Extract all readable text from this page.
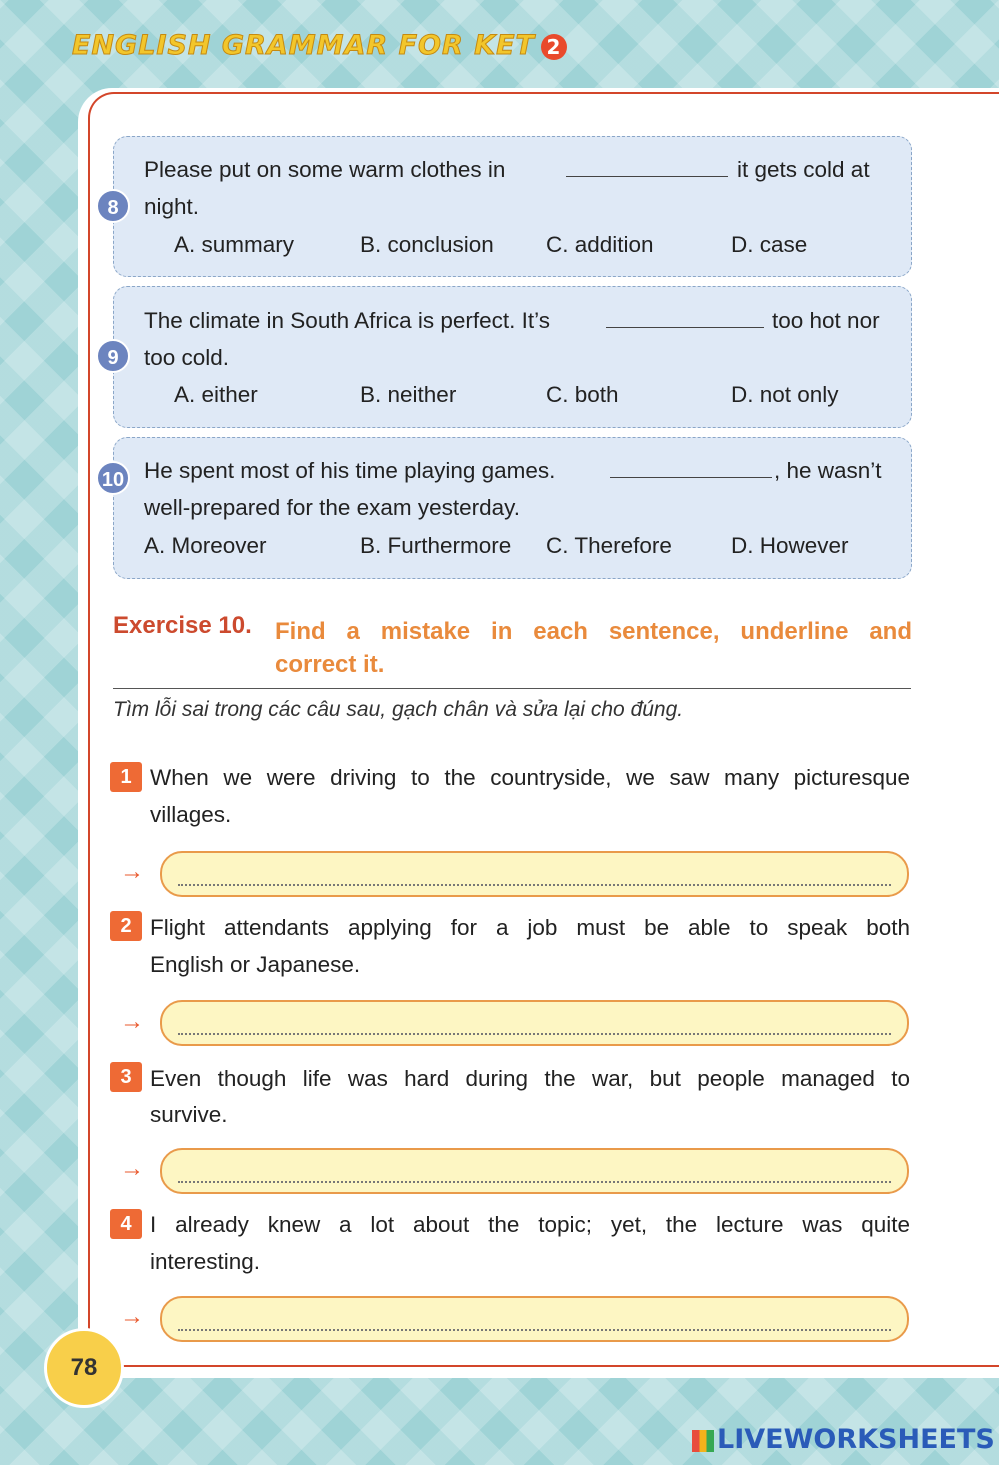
ENGLISH GRAMMAR FOR KET 2
8
Please put on some warm clothes in	it gets cold at
night.
A. summary	B. conclusion C. addition	D. case
9
The climate in South Africa is perfect. It’s	too hot nor
too cold.
A. either	B. neither	C. both	D. not only
10 He spent most of his time playing games.	, he wasn’t
well-prepared for the exam yesterday.
A. Moreover	B. Furthermore C. Therefore	D. However
Exercise 10. Find a mistake in each sentence, underline and
correct it.
Tìm lỗi sai trong các câu sau, gạch chân và sửa lại cho đúng.
1 When we were driving to the countryside, we saw many picturesque
villages.
→
2 Flight attendants applying for a job must be able to speak both
English or Japanese.
→
3 Even though life was hard during the war, but people managed to
survive.
→
4 I already knew a lot about the topic; yet, the lecture was quite
interesting.
→
78
LIVEWORKSHEETS
